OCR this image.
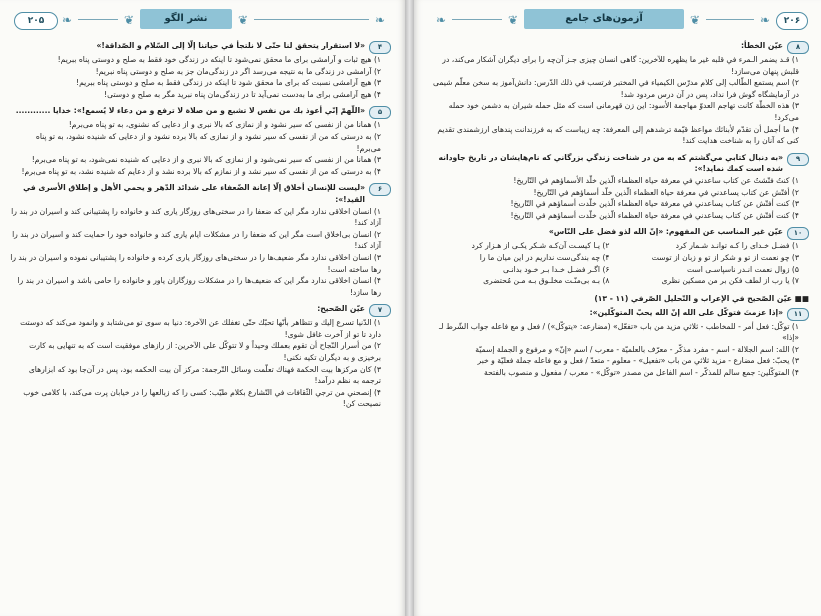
۲۰۵	❧	❦	نشر الگو	❦	❧
۴
«لا استقرار يتحقق لنا حتّى لا نلتجأ في حياتنا إلّا إلى السّلام و الصّداقة!»
۱) هیچ ثبات و آرامشی برای ما محقق نمی‌شود تا اینکه در زندگی خود فقط به صلح و دوستی پناه ببریم!
۲) آرامشی در زندگی ما به نتیجه می‌رسد اگر در زندگی‌مان جز به صلح و دوستی پناه نبریم!
۳) هیچ آرامشی نسبت که برای ما محقق شود تا اینکه در زندگی فقط به صلح و دوستی پناه ببریم!
۴) هیچ آرامشی برای ما به‌دست نمی‌آید تا در زندگی‌مان پناه نبرید مگر به صلح و دوستی!
۵
«اللّهمّ إنّي أعوذ بك من نفس لا تشبع و من صلاة لا ترفع و من دعاء لا يُسمع!»: خدایا ............
۱) همانا من از نفسی که سیر نشود و از نمازی که بالا نبری و از دعایی که نشنوی، به تو پناه می‌برم!
۲) به درستی که من از نفسی که سیر نشود و از نمازی که بالا برده نشود و از دعایی که شنیده نشود، به تو پناه می‌برم!
۳) همانا من از نفسی که سیر نمی‌شود و از نمازی که بالا نبری و از دعایی که شنیده نمی‌شود، به تو پناه می‌برم!
۴) به درستی که من از نفسی که سیر نشد و از نمازم که بالا برده نشد و از دعایم که شنیده نشد، به تو پناه می‌برم!
۶
«ليست للإنسان أخلاق إلّا إعانة الضّعفاء على شدائد الدّهر و يحمي الأهل و إطلاق الأسرى في القيد!»:
۱) انسان اخلاقی ندارد مگر این که ضعفا را در سختی‌های روزگار یاری کند و خانواده را پشتیبانی کند و اسیران در بند را آزاد کند!
۲) انسان بی‌اخلاق است مگر این که ضعفا را در مشکلات ایام یاری کند و خانواده خود را حمایت کند و اسیران در بند را آزاد کند!
۳) انسان اخلاقی ندارد مگر ضعیف‌ها را در سختی‌های روزگار یاری کرده و خانواده را پشتیبانی نموده و اسیران در بند را رها ساخته است!
۴) انسان اخلاقی ندارد مگر این که ضعیف‌ها را در مشکلات روزگاران یاور و خانواده را حامی باشد و اسیران در بند را رها سازد!
۷
عيّن الصّحيح:
۱) الدّنيا تسرع إليك و تتظاهر بأنّها تحبّك حتّى تغفلك عن الآخرة: دنیا به سوی تو می‌شتابد و وانمود می‌کند که دوستت دارد تا تو از آخرت غافل شوی!
۲) من أسرار النّجاح أن تقوم بعملك وحيداً و لا تتوكّل على الآخرين: از رازهای موفقیت است که به تنهایی به کارت برخیزی و به دیگران تکیه نکنی!
۳) كان مركزها بيت الحكمة فهناك تعلّمت وسائل التّرجمة: مرکز آن بیت الحکمه بود، پس در آن‌جا بود که ابزارهای ترجمه به نظم درآمد!
۴) إنصحني من ترجي الثّقافات في التّشارع بكلام طيّب: کسی را که زبالعها را در خیابان پرت می‌کند، با کلامی خوب نصیحت کن!
❧	❦	آزمون‌های جامع	❦	❧	۲۰۶
۸
عيّن الخطأ:
۱) قـد يضمر الـمرء في قلبه غير ما يظهره للآخرين: گاهی انسان چیزی جـز آن‌چه را برای دیگران آشکار می‌کند، در قلبش پنهان می‌سازد!
۲) اسم يستمع الطّالب إلى كلام مدرّس الكيمياء في المختبر فرتسب في ذلك الدّرس: دانش‌آموز به سخن معلّم شیمی در آزمایشگاه گوش فرا نداد، پس در آن درس مردود شد!
۳) هذه الخطّة كانت تهاجم العدوّ مهاجمة الأسود: این زن قهرمانی است که مثل حمله شیران به دشمن خود حمله می‌کرد!
۴) ما أجمل أن تقدّم لأبنائك مواعظ قيّمة ترشدهم إلى المعرفة: چه زیباست که به فرزندانت پندهای ارزشمندی تقدیم کنی که آنان را به شناخت هدایت کند!
۹
«به دنبال كتابي مي‌گشتم كه به من در شناخت زندگي بزرگاني كه نام‌هايشان در تاريخ جاودانه شده است كمك نمايد!»:
۱) كنتُ فتّشتُ عن كتاب ساعدني في معرفة حياة العظماء الّذين خلّد الأسماؤهم في التّاريخ!
۲) أفتّش عن كتاب يساعدني في معرفة حياة العظماء الّذين خلّد أسماؤهم في التّاريخ!
۳) كنت أفتّش عن كتاب يساعدني في معرفة حياة العظماء الّذين خلّدت أسماؤهم في التّاريخ!
۴) كنت أفتّش عن كتاب يساعدني في معرفة حياة العظماء الّذين خلّدت أسماؤهم في التّاريخ!
۱۰
عيّن غير المناسب عن المفهوم: «إنّ الله لذو فضل على النّاس»
۱) فضـل خـدای را کـه توانـد شـمار کرد
۲) یـا کیسـت آن‌کـه شـکر یکـی از هـزار کرد
۳) چو نعمت از تو و شکر از تو و زبان از توست
۴) چه بندگی‌ست نداریم در این میان ما را
۵) زوال نعمت انـدر ناسپاسـی است
۶) اگـر فضـل خـدا بـر خـود بدانـی
۷) یا رب از لطف فکن بر من مسکین نظری
۸) بـه بی‌منّـت مخلـوق بـه مـن مُحتضری
■■ عيّن الصّحيح في الإعراب و التّحليل الصّرفي (۱۱ - ۱۳)
۱۱
«إذا عزمتَ فتوكّل على الله إنّ الله يحبّ المتوكّلين»:
۱) توكّل: فعل أمر - للمخاطب - ثلاثي مزيد من باب «تفعّل» (مضارعه: «يتوكّل») / فعل و مع فاعله جواب الشّرط لـ «إذا»
۲) الله: اسم الجلالة - اسم - مفرد مذكّر - معرّف بالعلميّة - معرب / اسم «إنّ» و مرفوع و الجملة إسميّة
۳) يحبّ: فعل مضارع - مزيد ثلاثي من باب «تفعيل» - معلوم - متعدّ / فعل و مع فاعله جملة فعليّة و خبر
۴) المتوكّلين: جمع سالم للمذكّر - اسم الفاعل من مصدر «توكّل» - معرب / مفعول و منصوب بالفتحة
